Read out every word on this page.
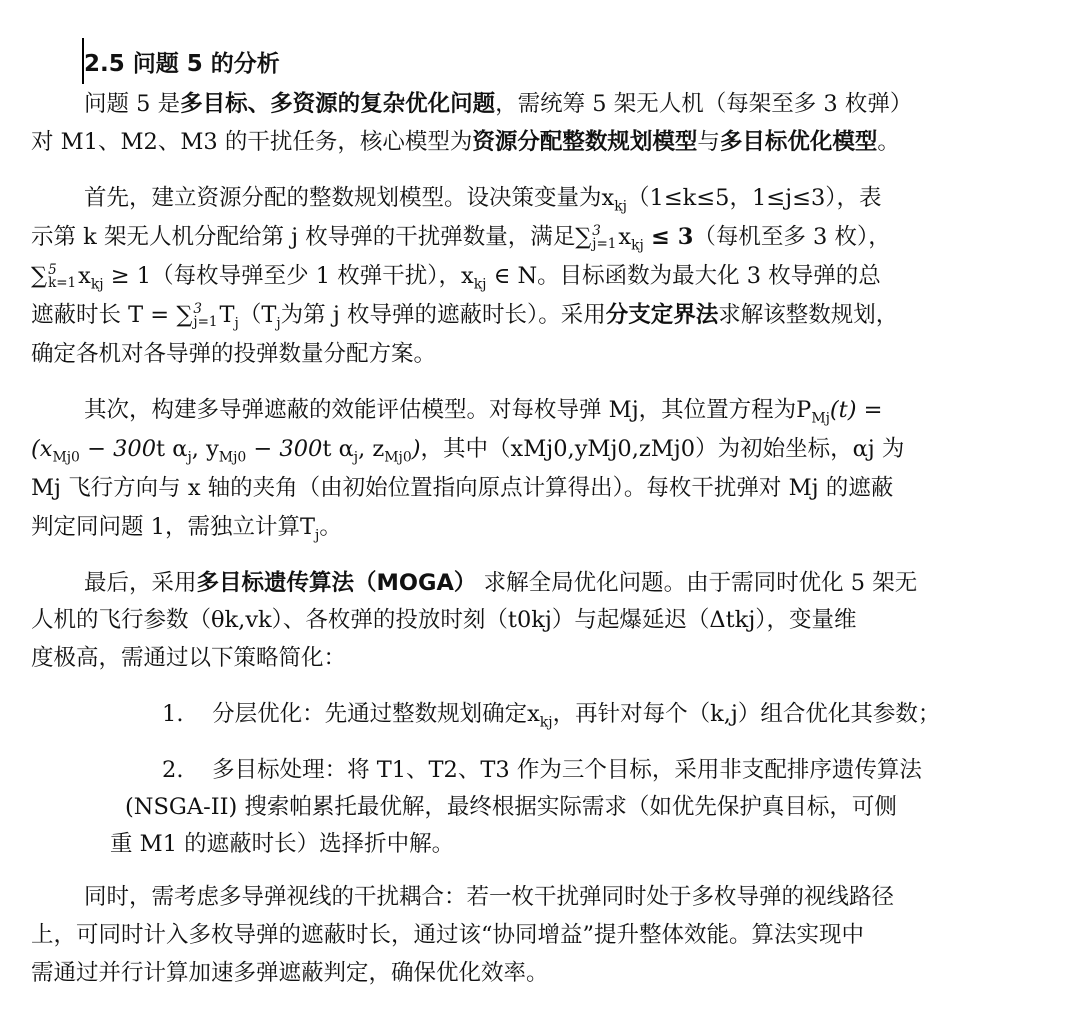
2.5 问题 5 的分析
问题 5 是多目标、多资源的复杂优化问题，需统筹 5 架无人机（每架至多 3 枚弹）
对 M1、M2、M3 的干扰任务，核心模型为资源分配整数规划模型与多目标优化模型。
首先，建立资源分配的整数规划模型。设决策变量为$x_{kj}(1\le k\le 5$，1≤j≤3），表
示第 k 架无人机分配给第 j 枚导弹的干扰弹数量，满足∑ 3
j=1 $x_{kj} \le 3$（每机至多 3 枚），
∑ 5
k=1 $x_{kj} \ge 1$（每枚导弹至少 1 枚弹干扰），$x_{kj}$ ∈ N。目标函数为最大化 3 枚导弹的总
遮蔽时长 T = ∑ 3
j=1 $T_j(T_j$为第 j 枚导弹的遮蔽时长）。采用分支定界法求解该整数规划，
确定各机对各导弹的投弹数量分配方案。
其次，构建多导弹遮蔽的效能评估模型。对每枚导弹 Mj，其位置方程为$P_{Mj}(t)$ =
($x_{Mj0} - 300t$ $\alpha_j$, $y_{Mj0} - 300t$ $\alpha_j$, $z_{Mj0}$)，其中（xMj0,yMj0,zMj0）为初始坐标，αj 为
Mj 飞行方向与 x 轴的夹角（由初始位置指向原点计算得出）。每枚干扰弹对 Mj 的遮蔽
判定同问题 1，需独立计算$T_j$。
最后，采用多目标遗传算法（MOGA） 求解全局优化问题。由于需同时优化 5 架无
人机的飞行参数（θk,vk）、各枚弹的投放时刻（t0kj）与起爆延迟（Δtkj），变量维
度极高，需通过以下策略简化：
1. 分层优化：先通过整数规划确定$x_{kj}$，再针对每个（k,j）组合优化其参数；
2. 多目标处理：将 T1、T2、T3 作为三个目标，采用非支配排序遗传算法
(NSGA-II) 搜索帕累托最优解，最终根据实际需求（如优先保护真目标，可侧
重 M1 的遮蔽时长）选择折中解。
同时，需考虑多导弹视线的干扰耦合：若一枚干扰弹同时处于多枚导弹的视线路径
上，可同时计入多枚导弹的遮蔽时长，通过该“协同增益”提升整体效能。算法实现中
需通过并行计算加速多弹遮蔽判定，确保优化效率。
